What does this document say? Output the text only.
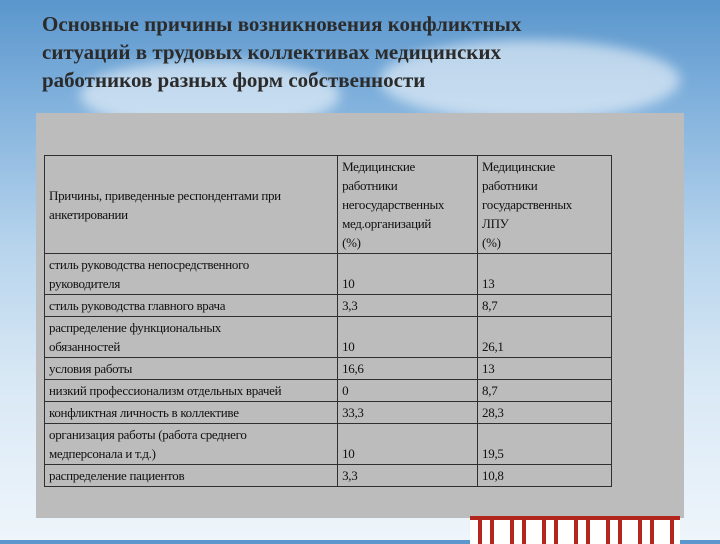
Основные причины возникновения конфликтных
ситуаций в трудовых коллективах медицинских
работников разных форм собственности
Причины, приведенные респондентами при анкетировании	Медицинские
работники
негосударственных
мед.организаций
(%)	Медицинские
работники
государственных
ЛПУ
(%)

стиль руководства непосредственного
руководителя	10	13

стиль руководства главного врача	3,3	8,7

распределение функциональных
обязанностей	10	26,1

условия работы	16,6	13

низкий профессионализм отдельных врачей	0	8,7

конфликтная личность в коллективе	33,3	28,3

организация работы (работа среднего
медперсонала и т.д.)	10	19,5

распределение пациентов	3,3	10,8
